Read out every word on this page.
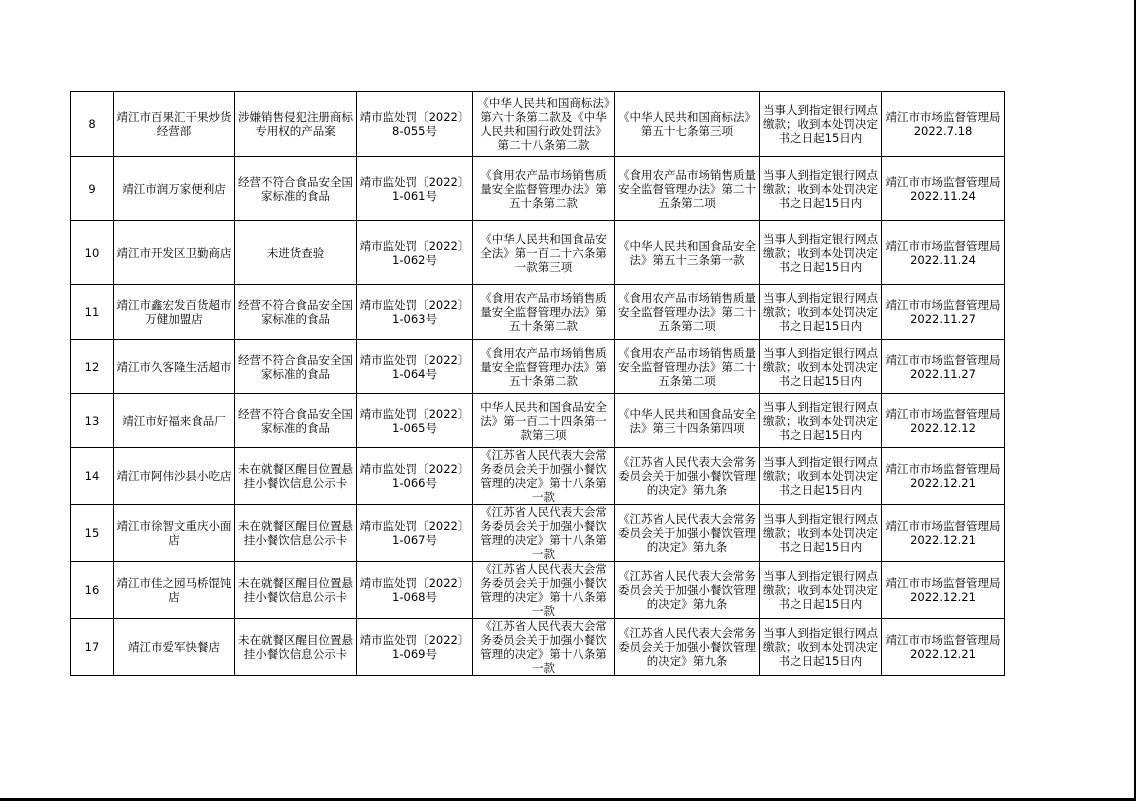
8	靖江市百果汇干果炒货经营部	涉嫌销售侵犯注册商标专用权的产品案	靖市监处罚〔2022〕8-055号	《中华人民共和国商标法》第六十条第二款及《中华人民共和国行政处罚法》第二十八条第二款	《中华人民共和国商标法》第五十七条第三项	当事人到指定银行网点缴款；收到本处罚决定书之日起15日内	靖江市市场监督管理局2022.7.18
9	靖江市润万家便利店	经营不符合食品安全国家标准的食品	靖市监处罚〔2022〕1-061号	《食用农产品市场销售质量安全监督管理办法》第五十条第二款	《食用农产品市场销售质量安全监督管理办法》第二十五条第二项	当事人到指定银行网点缴款；收到本处罚决定书之日起15日内	靖江市市场监督管理局2022.11.24
10	靖江市开发区卫勤商店	未进货查验	靖市监处罚〔2022〕1-062号	《中华人民共和国食品安全法》第一百二十六条第一款第三项	《中华人民共和国食品安全法》第五十三条第一款	当事人到指定银行网点缴款；收到本处罚决定书之日起15日内	靖江市市场监督管理局2022.11.24
11	靖江市鑫宏发百货超市万健加盟店	经营不符合食品安全国家标准的食品	靖市监处罚〔2022〕1-063号	《食用农产品市场销售质量安全监督管理办法》第五十条第二款	《食用农产品市场销售质量安全监督管理办法》第二十五条第二项	当事人到指定银行网点缴款；收到本处罚决定书之日起15日内	靖江市市场监督管理局2022.11.27
12	靖江市久客隆生活超市	经营不符合食品安全国家标准的食品	靖市监处罚〔2022〕1-064号	《食用农产品市场销售质量安全监督管理办法》第五十条第二款	《食用农产品市场销售质量安全监督管理办法》第二十五条第二项	当事人到指定银行网点缴款；收到本处罚决定书之日起15日内	靖江市市场监督管理局2022.11.27
13	靖江市好福来食品厂	经营不符合食品安全国家标准的食品	靖市监处罚〔2022〕1-065号	中华人民共和国食品安全法》第一百二十四条第一款第三项	《中华人民共和国食品安全法》第三十四条第四项	当事人到指定银行网点缴款；收到本处罚决定书之日起15日内	靖江市市场监督管理局2022.12.12
14	靖江市阿伟沙县小吃店	未在就餐区醒目位置悬挂小餐饮信息公示卡	靖市监处罚〔2022〕1-066号	《江苏省人民代表大会常务委员会关于加强小餐饮管理的决定》第十八条第一款	《江苏省人民代表大会常务委员会关于加强小餐饮管理的决定》第九条	当事人到指定银行网点缴款；收到本处罚决定书之日起15日内	靖江市市场监督管理局2022.12.21
15	靖江市徐智文重庆小面店	未在就餐区醒目位置悬挂小餐饮信息公示卡	靖市监处罚〔2022〕1-067号	《江苏省人民代表大会常务委员会关于加强小餐饮管理的决定》第十八条第一款	《江苏省人民代表大会常务委员会关于加强小餐饮管理的决定》第九条	当事人到指定银行网点缴款；收到本处罚决定书之日起15日内	靖江市市场监督管理局2022.12.21
16	靖江市佳之园马桥馄饨店	未在就餐区醒目位置悬挂小餐饮信息公示卡	靖市监处罚〔2022〕1-068号	《江苏省人民代表大会常务委员会关于加强小餐饮管理的决定》第十八条第一款	《江苏省人民代表大会常务委员会关于加强小餐饮管理的决定》第九条	当事人到指定银行网点缴款；收到本处罚决定书之日起15日内	靖江市市场监督管理局2022.12.21
17	靖江市爱军快餐店	未在就餐区醒目位置悬挂小餐饮信息公示卡	靖市监处罚〔2022〕1-069号	《江苏省人民代表大会常务委员会关于加强小餐饮管理的决定》第十八条第一款	《江苏省人民代表大会常务委员会关于加强小餐饮管理的决定》第九条	当事人到指定银行网点缴款；收到本处罚决定书之日起15日内	靖江市市场监督管理局2022.12.21
